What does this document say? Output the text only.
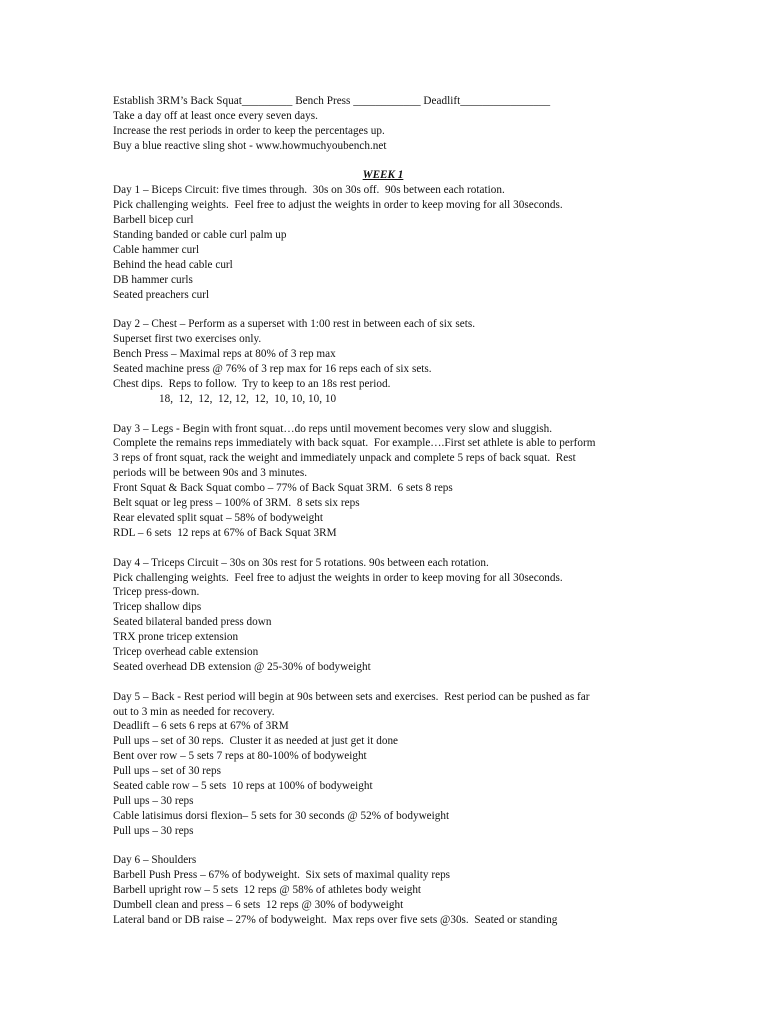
Establish 3RM’s Back Squat_________ Bench Press ____________ Deadlift________________
Take a day off at least once every seven days.
Increase the rest periods in order to keep the percentages up.
Buy a blue reactive sling shot - www.howmuchyoubench.net
WEEK 1
Day 1 – Biceps Circuit: five times through.  30s on 30s off.  90s between each rotation.
Pick challenging weights.  Feel free to adjust the weights in order to keep moving for all 30seconds.
Barbell bicep curl
Standing banded or cable curl palm up
Cable hammer curl
Behind the head cable curl
DB hammer curls
Seated preachers curl
Day 2 – Chest – Perform as a superset with 1:00 rest in between each of six sets.
Superset first two exercises only.
Bench Press – Maximal reps at 80% of 3 rep max
Seated machine press @ 76% of 3 rep max for 16 reps each of six sets.
Chest dips.  Reps to follow.  Try to keep to an 18s rest period.
18,  12,  12,  12, 12,  12,  10, 10, 10, 10
Day 3 – Legs - Begin with front squat…do reps until movement becomes very slow and sluggish.
Complete the remains reps immediately with back squat.  For example….First set athlete is able to perform
3 reps of front squat, rack the weight and immediately unpack and complete 5 reps of back squat.  Rest
periods will be between 90s and 3 minutes.
Front Squat & Back Squat combo – 77% of Back Squat 3RM.  6 sets 8 reps
Belt squat or leg press – 100% of 3RM.  8 sets six reps
Rear elevated split squat – 58% of bodyweight
RDL – 6 sets  12 reps at 67% of Back Squat 3RM
Day 4 – Triceps Circuit – 30s on 30s rest for 5 rotations. 90s between each rotation.
Pick challenging weights.  Feel free to adjust the weights in order to keep moving for all 30seconds.
Tricep press-down.
Tricep shallow dips
Seated bilateral banded press down
TRX prone tricep extension
Tricep overhead cable extension
Seated overhead DB extension @ 25-30% of bodyweight
Day 5 – Back - Rest period will begin at 90s between sets and exercises.  Rest period can be pushed as far
out to 3 min as needed for recovery.
Deadlift – 6 sets 6 reps at 67% of 3RM
Pull ups – set of 30 reps.  Cluster it as needed at just get it done
Bent over row – 5 sets 7 reps at 80-100% of bodyweight
Pull ups – set of 30 reps
Seated cable row – 5 sets  10 reps at 100% of bodyweight
Pull ups – 30 reps
Cable latisimus dorsi flexion– 5 sets for 30 seconds @ 52% of bodyweight
Pull ups – 30 reps
Day 6 – Shoulders
Barbell Push Press – 67% of bodyweight.  Six sets of maximal quality reps
Barbell upright row – 5 sets  12 reps @ 58% of athletes body weight
Dumbell clean and press – 6 sets  12 reps @ 30% of bodyweight
Lateral band or DB raise – 27% of bodyweight.  Max reps over five sets @30s.  Seated or standing
